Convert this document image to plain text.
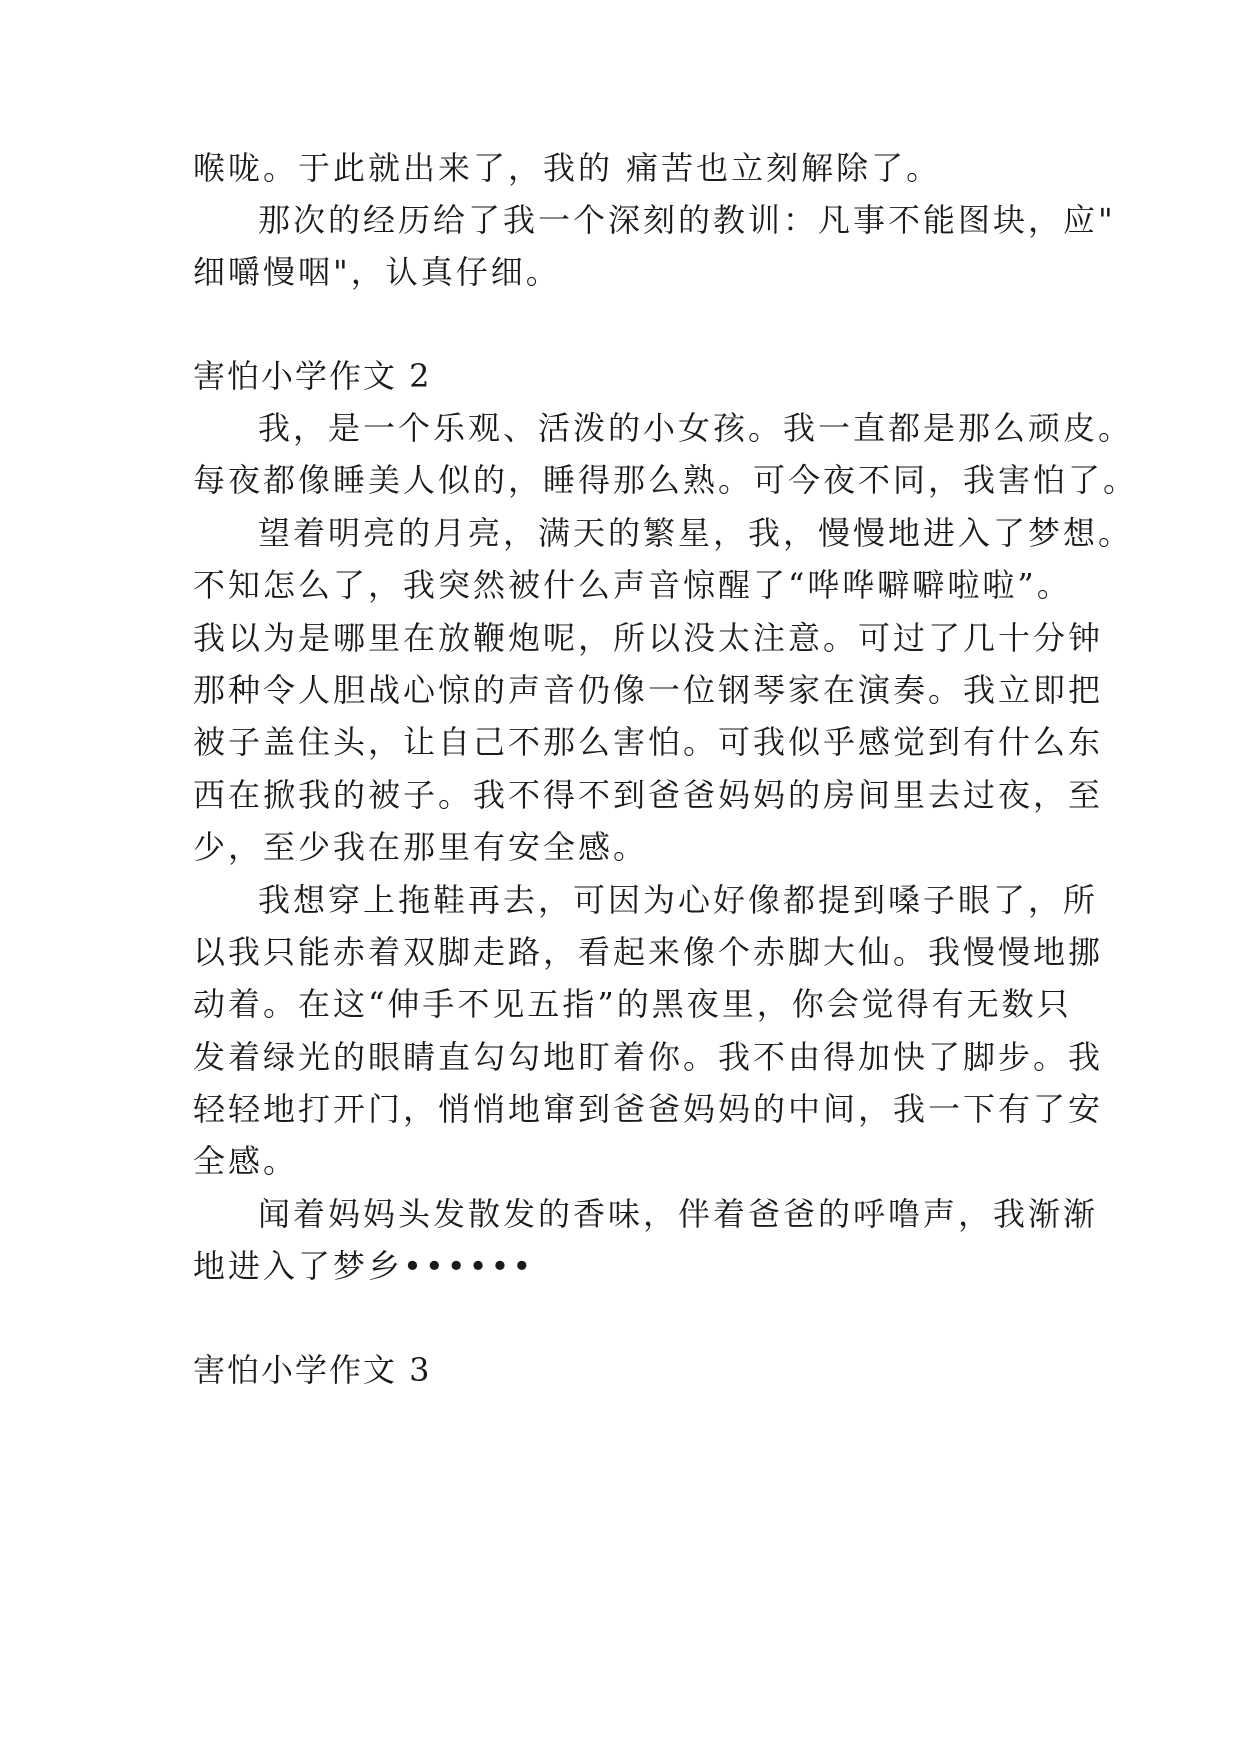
喉咙。于此就出来了，我的 痛苦也立刻解除了。
那次的经历给了我一个深刻的教训：凡事不能图块，应"
细嚼慢咽"，认真仔细。
害怕小学作文 2
我，是一个乐观、活泼的小女孩。我一直都是那么顽皮。
每夜都像睡美人似的，睡得那么熟。可今夜不同，我害怕了。
望着明亮的月亮，满天的繁星，我，慢慢地进入了梦想。
不知怎么了，我突然被什么声音惊醒了“哗哗噼噼啦啦”。
我以为是哪里在放鞭炮呢，所以没太注意。可过了几十分钟
那种令人胆战心惊的声音仍像一位钢琴家在演奏。我立即把
被子盖住头，让自己不那么害怕。可我似乎感觉到有什么东
西在掀我的被子。我不得不到爸爸妈妈的房间里去过夜，至
少，至少我在那里有安全感。
我想穿上拖鞋再去，可因为心好像都提到嗓子眼了，所
以我只能赤着双脚走路，看起来像个赤脚大仙。我慢慢地挪
动着。在这“伸手不见五指”的黑夜里，你会觉得有无数只
发着绿光的眼睛直勾勾地盯着你。我不由得加快了脚步。我
轻轻地打开门，悄悄地窜到爸爸妈妈的中间，我一下有了安
全感。
闻着妈妈头发散发的香味，伴着爸爸的呼噜声，我渐渐
地进入了梦乡••••••
害怕小学作文 3
